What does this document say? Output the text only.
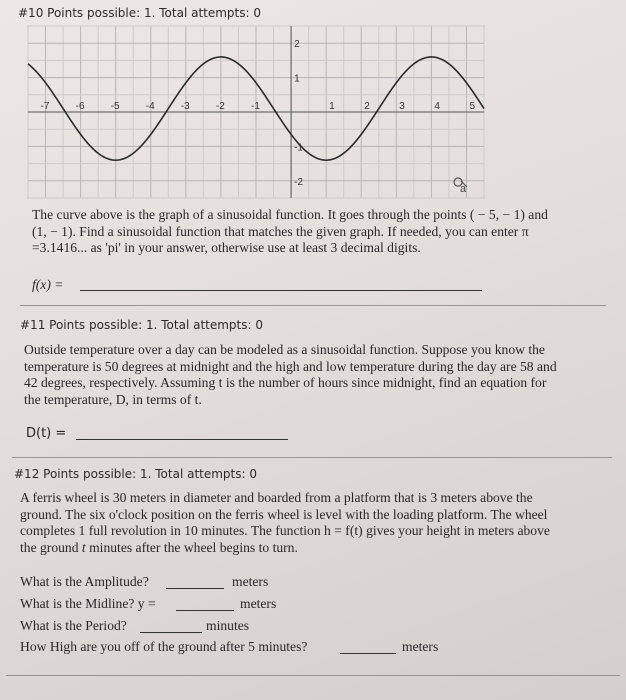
#10 Points possible: 1. Total attempts: 0
-7	-6	-5	-4	-3	-2	-1	1	2	3	4	5
2
1
-1
-2
a
The curve above is the graph of a sinusoidal function. It goes through the points ( − 5, − 1) and
(1, − 1). Find a sinusoidal function that matches the given graph. If needed, you can enter π
=3.1416... as 'pi' in your answer, otherwise use at least 3 decimal digits.
f(x) =
#11 Points possible: 1. Total attempts: 0
Outside temperature over a day can be modeled as a sinusoidal function. Suppose you know the
temperature is 50 degrees at midnight and the high and low temperature during the day are 58 and
42 degrees, respectively. Assuming t is the number of hours since midnight, find an equation for
the temperature, D, in terms of t.
D(t) =
#12 Points possible: 1. Total attempts: 0
A ferris wheel is 30 meters in diameter and boarded from a platform that is 3 meters above the
ground. The six o'clock position on the ferris wheel is level with the loading platform. The wheel
completes 1 full revolution in 10 minutes. The function h = f(t) gives your height in meters above
the ground t minutes after the wheel begins to turn.
What is the Amplitude?	meters
What is the Midline? y =	meters
What is the Period?	minutes
How High are you off of the ground after 5 minutes?	meters
